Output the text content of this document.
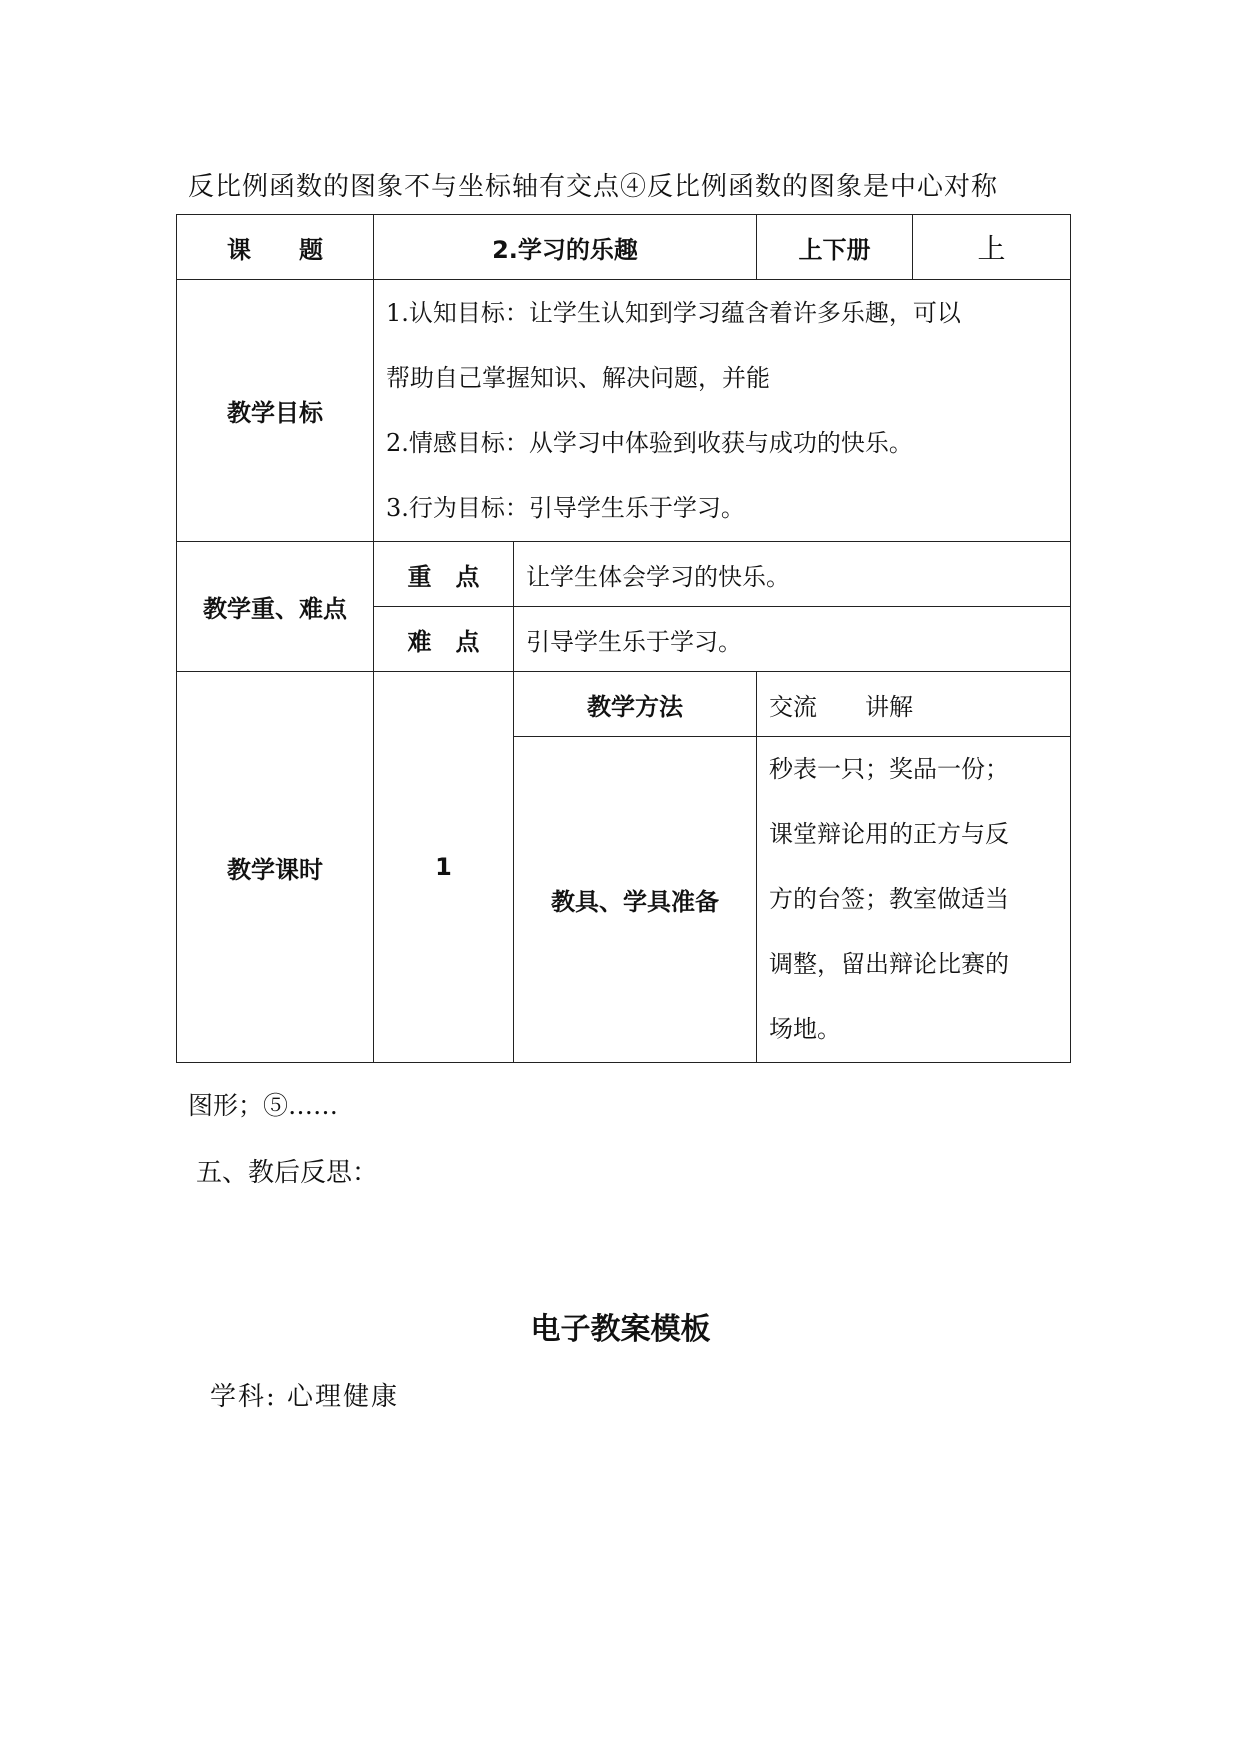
反比例函数的图象不与坐标轴有交点④反比例函数的图象是中心对称
课　　题	2.学习的乐趣		上下册	上
教学目标	1.认知目标：让学生认知到学习蕴含着许多乐趣，可以
帮助自己掌握知识、解决问题，并能
2.情感目标：从学习中体验到收获与成功的快乐。
3.行为目标：引导学生乐于学习。			

教学重、难点	重　点	让学生体会学习的快乐。		
	难　点	引导学生乐于学习。		
教学课时	1	教学方法	交流　　讲解	
		教具、学具准备	秒表一只；奖品一份；
课堂辩论用的正方与反
方的台签；教室做适当
调整，留出辩论比赛的
场地。	
图形；⑤……
五、教后反思：
电子教案模板
学科: 心理健康
